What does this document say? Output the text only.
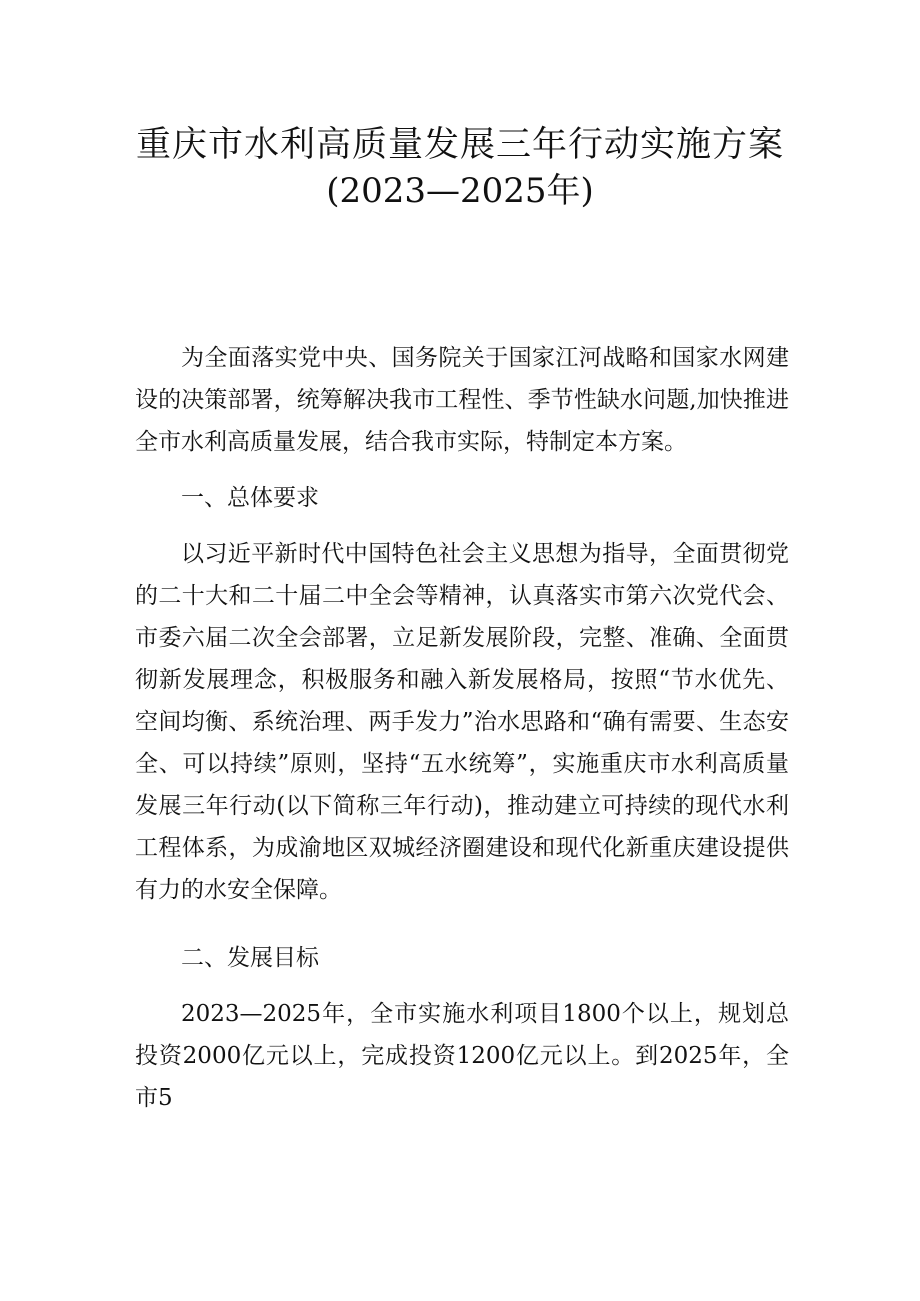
重庆市水利高质量发展三年行动实施方案
(2023—2025年)

为全面落实党中央、国务院关于国家江河战略和国家水网建设的决策部署，统筹解决我市工程性、季节性缺水问题,加快推进全市水利高质量发展，结合我市实际，特制定本方案。

一、总体要求

以习近平新时代中国特色社会主义思想为指导，全面贯彻党的二十大和二十届二中全会等精神，认真落实市第六次党代会、市委六届二次全会部署，立足新发展阶段，完整、准确、全面贯彻新发展理念，积极服务和融入新发展格局，按照“节水优先、空间均衡、系统治理、两手发力”治水思路和“确有需要、生态安全、可以持续”原则，坚持“五水统筹”，实施重庆市水利高质量发展三年行动(以下简称三年行动)，推动建立可持续的现代水利工程体系，为成渝地区双城经济圈建设和现代化新重庆建设提供有力的水安全保障。

二、发展目标

2023—2025年，全市实施水利项目1800个以上，规划总投资2000亿元以上，完成投资1200亿元以上。到2025年，全市5
